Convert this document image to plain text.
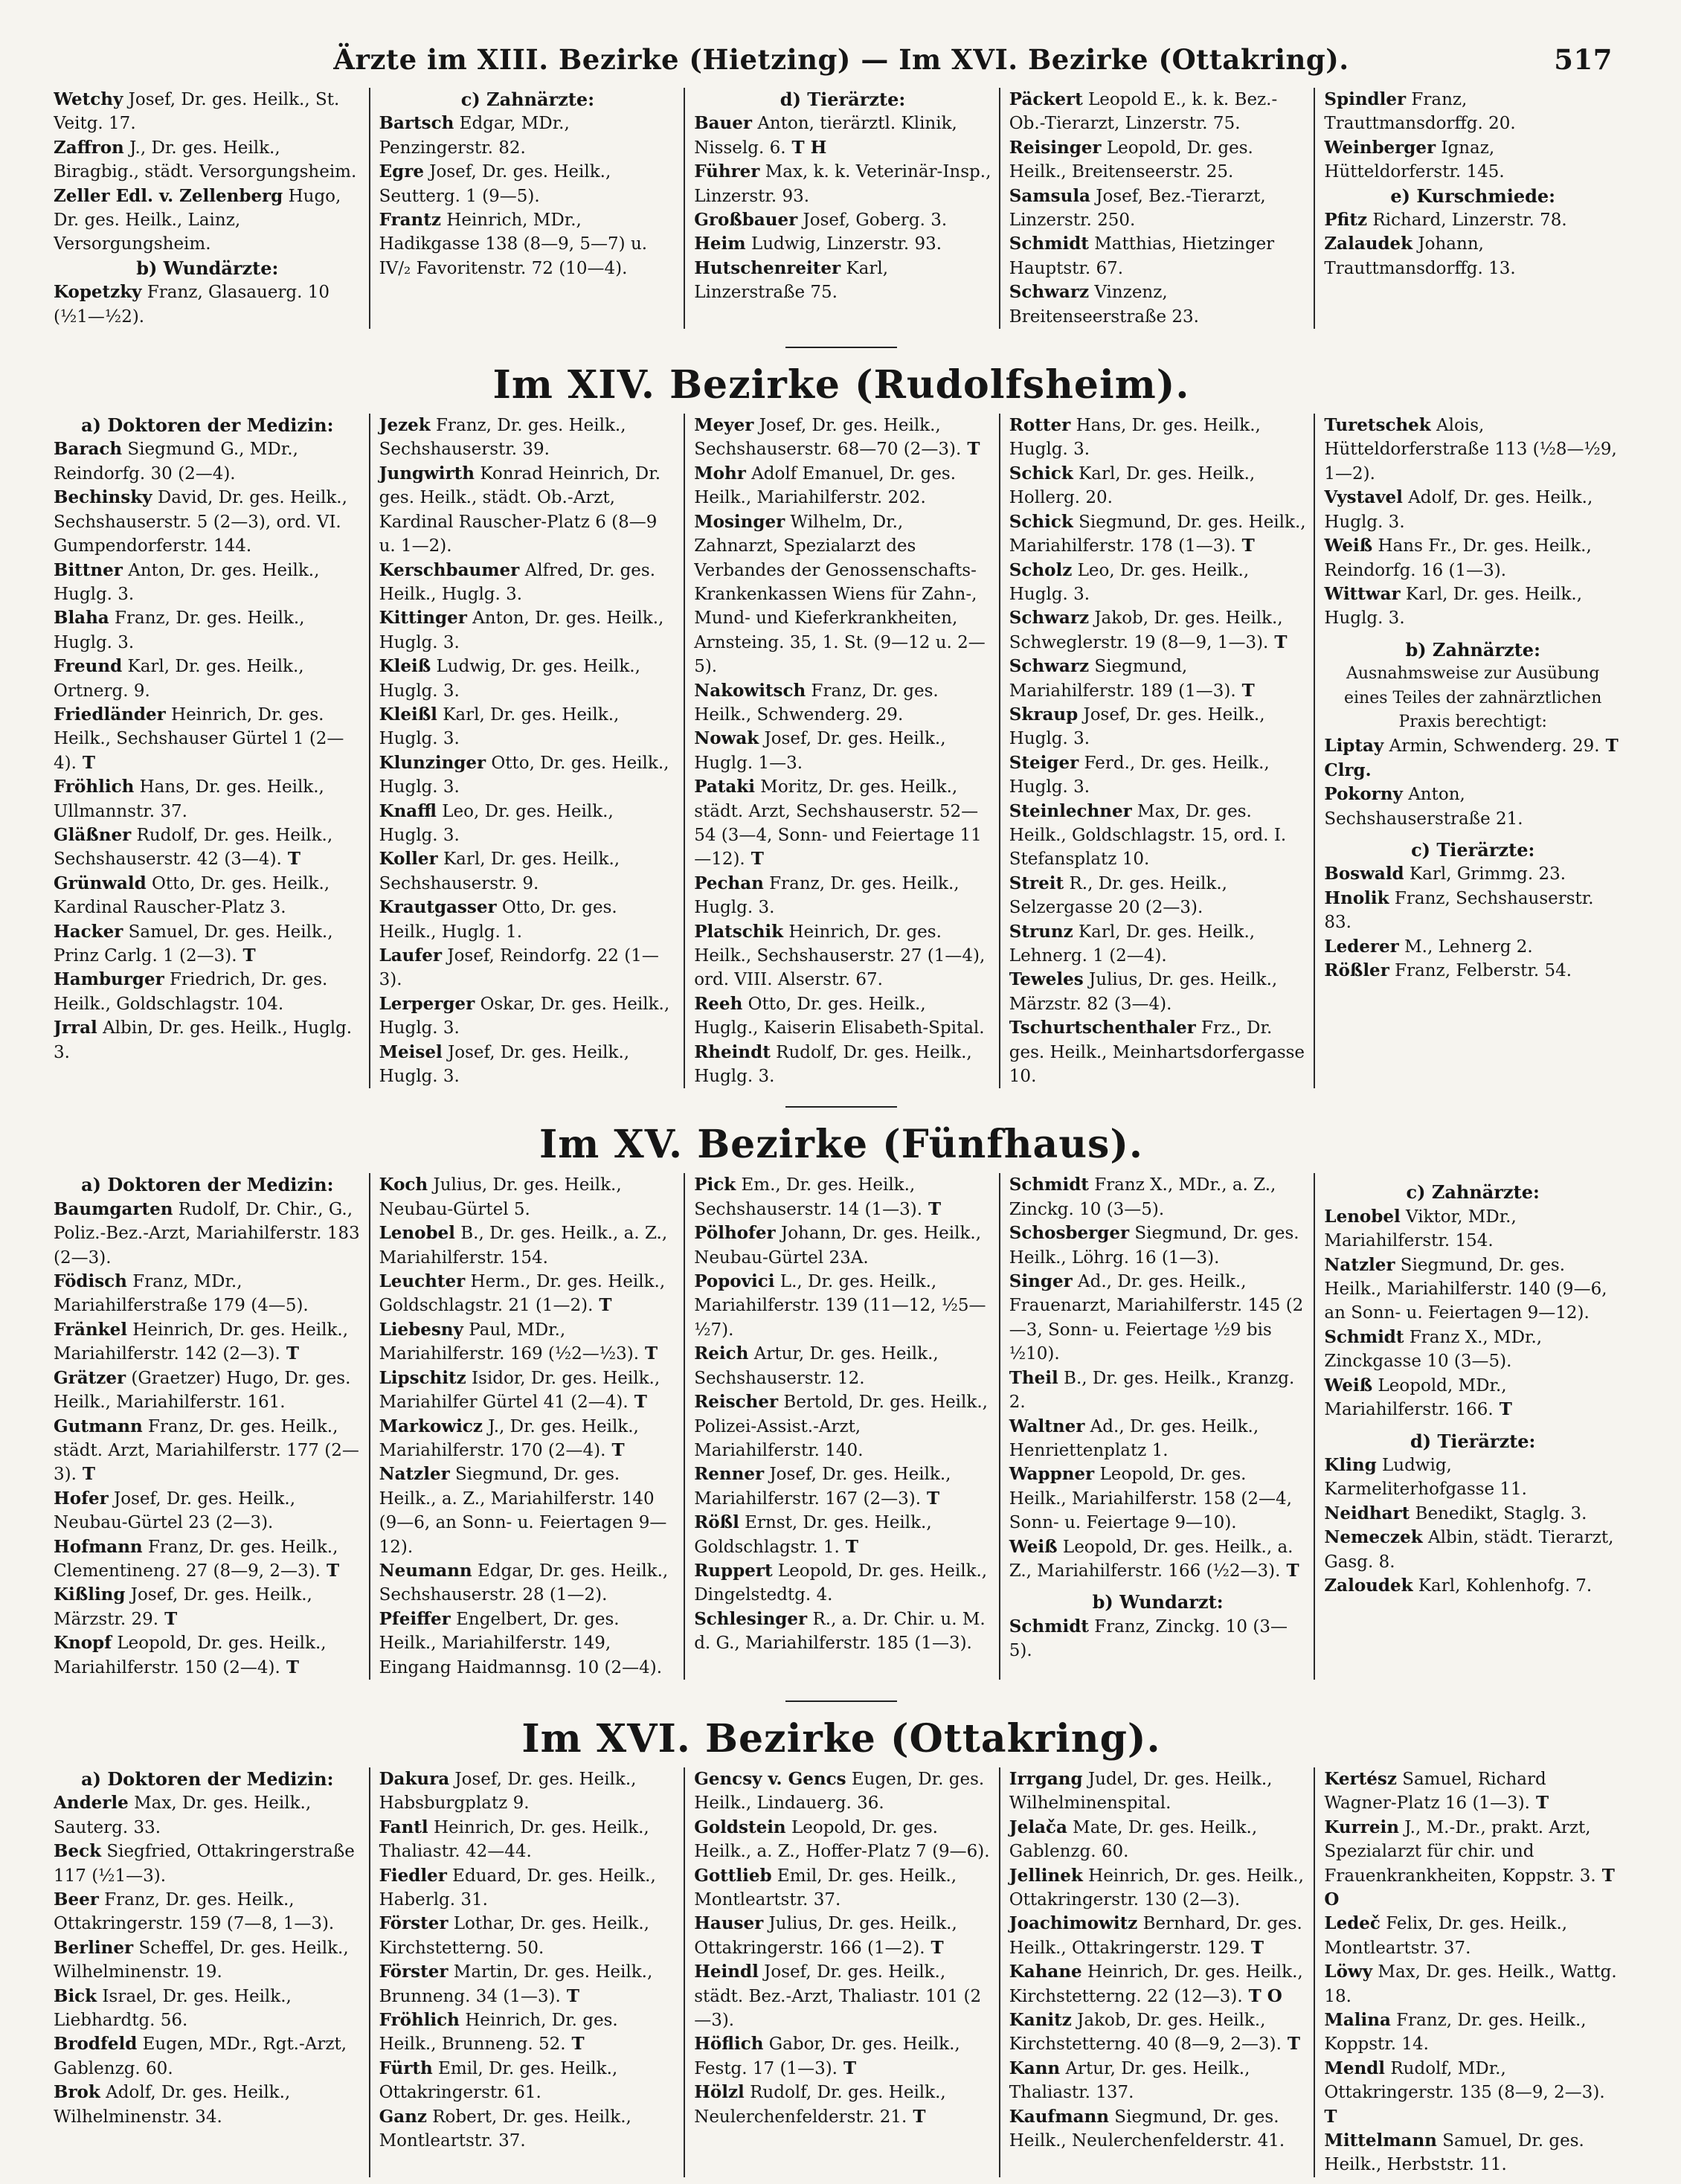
Ärzte im XIII. Bezirke (Hietzing) — Im XVI. Bezirke (Ottakring).	517
Wetchy Josef, Dr. ges. Heilk., St. Veitg. 17.
Zaffron J., Dr. ges. Heilk., Biragbig., städt. Versorgungsheim.
Zeller Edl. v. Zellenberg Hugo, Dr. ges. Heilk., Lainz, Versorgungsheim.
b) Wundärzte:
Kopetzky Franz, Glasauerg. 10 (½1—½2).
c) Zahnärzte:
Bartsch Edgar, MDr., Penzingerstr. 82.
Egre Josef, Dr. ges. Heilk., Seutterg. 1 (9—5).
Frantz Heinrich, MDr., Hadikgasse 138 (8—9, 5—7) u. IV/₂ Favoritenstr. 72 (10—4).
d) Tierärzte:
Bauer Anton, tierärztl. Klinik, Nisselg. 6. T H
Führer Max, k. k. Veterinär-Insp., Linzerstr. 93.
Großbauer Josef, Goberg. 3.
Heim Ludwig, Linzerstr. 93.
Hutschenreiter Karl, Linzerstraße 75.
Päckert Leopold E., k. k. Bez.-Ob.-Tierarzt, Linzerstr. 75.
Reisinger Leopold, Dr. ges. Heilk., Breitenseerstr. 25.
Samsula Josef, Bez.-Tierarzt, Linzerstr. 250.
Schmidt Matthias, Hietzinger Hauptstr. 67.
Schwarz Vinzenz, Breitenseerstraße 23.
Spindler Franz, Trauttmansdorffg. 20.
Weinberger Ignaz, Hütteldorferstr. 145.
e) Kurschmiede:
Pfitz Richard, Linzerstr. 78.
Zalaudek Johann, Trauttmansdorffg. 13.
Im XIV. Bezirke (Rudolfsheim).
a) Doktoren der Medizin:
Barach Siegmund G., MDr., Reindorfg. 30 (2—4).
Bechinsky David, Dr. ges. Heilk., Sechshauserstr. 5 (2—3), ord. VI. Gumpendorferstr. 144.
Bittner Anton, Dr. ges. Heilk., Huglg. 3.
Blaha Franz, Dr. ges. Heilk., Huglg. 3.
Freund Karl, Dr. ges. Heilk., Ortnerg. 9.
Friedländer Heinrich, Dr. ges. Heilk., Sechshauser Gürtel 1 (2—4). T
Fröhlich Hans, Dr. ges. Heilk., Ullmannstr. 37.
Gläßner Rudolf, Dr. ges. Heilk., Sechshauserstr. 42 (3—4). T
Grünwald Otto, Dr. ges. Heilk., Kardinal Rauscher-Platz 3.
Hacker Samuel, Dr. ges. Heilk., Prinz Carlg. 1 (2—3). T
Hamburger Friedrich, Dr. ges. Heilk., Goldschlagstr. 104.
Jrral Albin, Dr. ges. Heilk., Huglg. 3.
Jezek Franz, Dr. ges. Heilk., Sechshauserstr. 39.
Jungwirth Konrad Heinrich, Dr. ges. Heilk., städt. Ob.-Arzt, Kardinal Rauscher-Platz 6 (8—9 u. 1—2).
Kerschbaumer Alfred, Dr. ges. Heilk., Huglg. 3.
Kittinger Anton, Dr. ges. Heilk., Huglg. 3.
Kleiß Ludwig, Dr. ges. Heilk., Huglg. 3.
Kleißl Karl, Dr. ges. Heilk., Huglg. 3.
Klunzinger Otto, Dr. ges. Heilk., Huglg. 3.
Knaffl Leo, Dr. ges. Heilk., Huglg. 3.
Koller Karl, Dr. ges. Heilk., Sechshauserstr. 9.
Krautgasser Otto, Dr. ges. Heilk., Huglg. 1.
Laufer Josef, Reindorfg. 22 (1—3).
Lerperger Oskar, Dr. ges. Heilk., Huglg. 3.
Meisel Josef, Dr. ges. Heilk., Huglg. 3.
Meyer Josef, Dr. ges. Heilk., Sechshauserstr. 68—70 (2—3). T
Mohr Adolf Emanuel, Dr. ges. Heilk., Mariahilferstr. 202.
Mosinger Wilhelm, Dr., Zahnarzt, Spezialarzt des Verbandes der Genossenschafts-Krankenkassen Wiens für Zahn-, Mund- und Kieferkrankheiten, Arnsteing. 35, 1. St. (9—12 u. 2—5).
Nakowitsch Franz, Dr. ges. Heilk., Schwenderg. 29.
Nowak Josef, Dr. ges. Heilk., Huglg. 1—3.
Pataki Moritz, Dr. ges. Heilk., städt. Arzt, Sechshauserstr. 52—54 (3—4, Sonn- und Feiertage 11—12). T
Pechan Franz, Dr. ges. Heilk., Huglg. 3.
Platschik Heinrich, Dr. ges. Heilk., Sechshauserstr. 27 (1—4), ord. VIII. Alserstr. 67.
Reeh Otto, Dr. ges. Heilk., Huglg., Kaiserin Elisabeth-Spital.
Rheindt Rudolf, Dr. ges. Heilk., Huglg. 3.
Rotter Hans, Dr. ges. Heilk., Huglg. 3.
Schick Karl, Dr. ges. Heilk., Hollerg. 20.
Schick Siegmund, Dr. ges. Heilk., Mariahilferstr. 178 (1—3). T
Scholz Leo, Dr. ges. Heilk., Huglg. 3.
Schwarz Jakob, Dr. ges. Heilk., Schweglerstr. 19 (8—9, 1—3). T
Schwarz Siegmund, Mariahilferstr. 189 (1—3). T
Skraup Josef, Dr. ges. Heilk., Huglg. 3.
Steiger Ferd., Dr. ges. Heilk., Huglg. 3.
Steinlechner Max, Dr. ges. Heilk., Goldschlagstr. 15, ord. I. Stefansplatz 10.
Streit R., Dr. ges. Heilk., Selzergasse 20 (2—3).
Strunz Karl, Dr. ges. Heilk., Lehnerg. 1 (2—4).
Teweles Julius, Dr. ges. Heilk., Märzstr. 82 (3—4).
Tschurtschenthaler Frz., Dr. ges. Heilk., Meinhartsdorfergasse 10.
Turetschek Alois, Hütteldorferstraße 113 (½8—½9, 1—2).
Vystavel Adolf, Dr. ges. Heilk., Huglg. 3.
Weiß Hans Fr., Dr. ges. Heilk., Reindorfg. 16 (1—3).
Wittwar Karl, Dr. ges. Heilk., Huglg. 3.
b) Zahnärzte:
Ausnahmsweise zur Ausübung eines Teiles der zahnärztlichen Praxis berechtigt:
Liptay Armin, Schwenderg. 29. T Clrg.
Pokorny Anton, Sechshauserstraße 21.
c) Tierärzte:
Boswald Karl, Grimmg. 23.
Hnolik Franz, Sechshauserstr. 83.
Lederer M., Lehnerg 2.
Rößler Franz, Felberstr. 54.
Im XV. Bezirke (Fünfhaus).
a) Doktoren der Medizin:
Baumgarten Rudolf, Dr. Chir., G., Poliz.-Bez.-Arzt, Mariahilferstr. 183 (2—3).
Födisch Franz, MDr., Mariahilferstraße 179 (4—5).
Fränkel Heinrich, Dr. ges. Heilk., Mariahilferstr. 142 (2—3). T
Grätzer (Graetzer) Hugo, Dr. ges. Heilk., Mariahilferstr. 161.
Gutmann Franz, Dr. ges. Heilk., städt. Arzt, Mariahilferstr. 177 (2—3). T
Hofer Josef, Dr. ges. Heilk., Neubau-Gürtel 23 (2—3).
Hofmann Franz, Dr. ges. Heilk., Clementineng. 27 (8—9, 2—3). T
Kißling Josef, Dr. ges. Heilk., Märzstr. 29. T
Knopf Leopold, Dr. ges. Heilk., Mariahilferstr. 150 (2—4). T
Koch Julius, Dr. ges. Heilk., Neubau-Gürtel 5.
Lenobel B., Dr. ges. Heilk., a. Z., Mariahilferstr. 154.
Leuchter Herm., Dr. ges. Heilk., Goldschlagstr. 21 (1—2). T
Liebesny Paul, MDr., Mariahilferstr. 169 (½2—½3). T
Lipschitz Isidor, Dr. ges. Heilk., Mariahilfer Gürtel 41 (2—4). T
Markowicz J., Dr. ges. Heilk., Mariahilferstr. 170 (2—4). T
Natzler Siegmund, Dr. ges. Heilk., a. Z., Mariahilferstr. 140 (9—6, an Sonn- u. Feiertagen 9—12).
Neumann Edgar, Dr. ges. Heilk., Sechshauserstr. 28 (1—2).
Pfeiffer Engelbert, Dr. ges. Heilk., Mariahilferstr. 149, Eingang Haidmannsg. 10 (2—4).
Pick Em., Dr. ges. Heilk., Sechshauserstr. 14 (1—3). T
Pölhofer Johann, Dr. ges. Heilk., Neubau-Gürtel 23A.
Popovici L., Dr. ges. Heilk., Mariahilferstr. 139 (11—12, ½5—½7).
Reich Artur, Dr. ges. Heilk., Sechshauserstr. 12.
Reischer Bertold, Dr. ges. Heilk., Polizei-Assist.-Arzt, Mariahilferstr. 140.
Renner Josef, Dr. ges. Heilk., Mariahilferstr. 167 (2—3). T
Rößl Ernst, Dr. ges. Heilk., Goldschlagstr. 1. T
Ruppert Leopold, Dr. ges. Heilk., Dingelstedtg. 4.
Schlesinger R., a. Dr. Chir. u. M. d. G., Mariahilferstr. 185 (1—3).
Schmidt Franz X., MDr., a. Z., Zinckg. 10 (3—5).
Schosberger Siegmund, Dr. ges. Heilk., Löhrg. 16 (1—3).
Singer Ad., Dr. ges. Heilk., Frauenarzt, Mariahilferstr. 145 (2—3, Sonn- u. Feiertage ½9 bis ½10).
Theil B., Dr. ges. Heilk., Kranzg. 2.
Waltner Ad., Dr. ges. Heilk., Henriettenplatz 1.
Wappner Leopold, Dr. ges. Heilk., Mariahilferstr. 158 (2—4, Sonn- u. Feiertage 9—10).
Weiß Leopold, Dr. ges. Heilk., a. Z., Mariahilferstr. 166 (½2—3). T
b) Wundarzt:
Schmidt Franz, Zinckg. 10 (3—5).
c) Zahnärzte:
Lenobel Viktor, MDr., Mariahilferstr. 154.
Natzler Siegmund, Dr. ges. Heilk., Mariahilferstr. 140 (9—6, an Sonn- u. Feiertagen 9—12).
Schmidt Franz X., MDr., Zinckgasse 10 (3—5).
Weiß Leopold, MDr., Mariahilferstr. 166. T
d) Tierärzte:
Kling Ludwig, Karmeliterhofgasse 11.
Neidhart Benedikt, Staglg. 3.
Nemeczek Albin, städt. Tierarzt, Gasg. 8.
Zaloudek Karl, Kohlenhofg. 7.
Im XVI. Bezirke (Ottakring).
a) Doktoren der Medizin:
Anderle Max, Dr. ges. Heilk., Sauterg. 33.
Beck Siegfried, Ottakringerstraße 117 (½1—3).
Beer Franz, Dr. ges. Heilk., Ottakringerstr. 159 (7—8, 1—3).
Berliner Scheffel, Dr. ges. Heilk., Wilhelminenstr. 19.
Bick Israel, Dr. ges. Heilk., Liebhardtg. 56.
Brodfeld Eugen, MDr., Rgt.-Arzt, Gablenzg. 60.
Brok Adolf, Dr. ges. Heilk., Wilhelminenstr. 34.
Dakura Josef, Dr. ges. Heilk., Habsburgplatz 9.
Fantl Heinrich, Dr. ges. Heilk., Thaliastr. 42—44.
Fiedler Eduard, Dr. ges. Heilk., Haberlg. 31.
Förster Lothar, Dr. ges. Heilk., Kirchstetterng. 50.
Förster Martin, Dr. ges. Heilk., Brunneng. 34 (1—3). T
Fröhlich Heinrich, Dr. ges. Heilk., Brunneng. 52. T
Fürth Emil, Dr. ges. Heilk., Ottakringerstr. 61.
Ganz Robert, Dr. ges. Heilk., Montleartstr. 37.
Gencsy v. Gencs Eugen, Dr. ges. Heilk., Lindauerg. 36.
Goldstein Leopold, Dr. ges. Heilk., a. Z., Hoffer-Platz 7 (9—6).
Gottlieb Emil, Dr. ges. Heilk., Montleartstr. 37.
Hauser Julius, Dr. ges. Heilk., Ottakringerstr. 166 (1—2). T
Heindl Josef, Dr. ges. Heilk., städt. Bez.-Arzt, Thaliastr. 101 (2—3).
Höflich Gabor, Dr. ges. Heilk., Festg. 17 (1—3). T
Hölzl Rudolf, Dr. ges. Heilk., Neulerchenfelderstr. 21. T
Irrgang Judel, Dr. ges. Heilk., Wilhelminenspital.
Jelača Mate, Dr. ges. Heilk., Gablenzg. 60.
Jellinek Heinrich, Dr. ges. Heilk., Ottakringerstr. 130 (2—3).
Joachimowitz Bernhard, Dr. ges. Heilk., Ottakringerstr. 129. T
Kahane Heinrich, Dr. ges. Heilk., Kirchstetterng. 22 (12—3). T O
Kanitz Jakob, Dr. ges. Heilk., Kirchstetterng. 40 (8—9, 2—3). T
Kann Artur, Dr. ges. Heilk., Thaliastr. 137.
Kaufmann Siegmund, Dr. ges. Heilk., Neulerchenfelderstr. 41.
Kertész Samuel, Richard Wagner-Platz 16 (1—3). T
Kurrein J., M.-Dr., prakt. Arzt, Spezialarzt für chir. und Frauenkrankheiten, Koppstr. 3. T O
Ledeč Felix, Dr. ges. Heilk., Montleartstr. 37.
Löwy Max, Dr. ges. Heilk., Wattg. 18.
Malina Franz, Dr. ges. Heilk., Koppstr. 14.
Mendl Rudolf, MDr., Ottakringerstr. 135 (8—9, 2—3). T
Mittelmann Samuel, Dr. ges. Heilk., Herbststr. 11.
